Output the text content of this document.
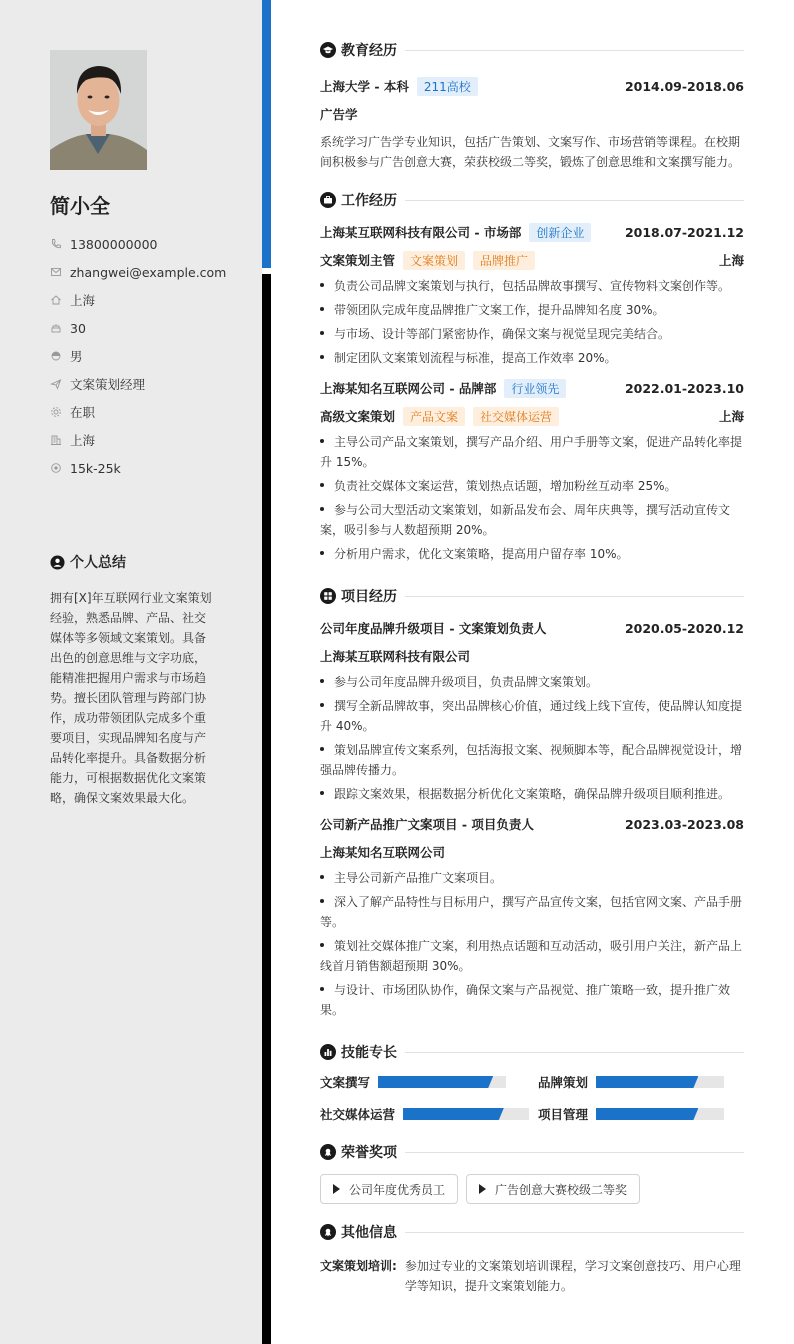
简小全
13800000000
zhangwei@example.com
上海
30
男
文案策划经理
在职
上海
15k-25k
个人总结
拥有[X]年互联网行业文案策划经验，熟悉品牌、产品、社交媒体等多领域文案策划。具备出色的创意思维与文字功底，能精准把握用户需求与市场趋势。擅长团队管理与跨部门协作，成功带领团队完成多个重要项目，实现品牌知名度与产品转化率提升。具备数据分析能力，可根据数据优化文案策略，确保文案效果最大化。
教育经历
上海大学 - 本科	211高校	2014.09-2018.06
广告学
系统学习广告学专业知识，包括广告策划、文案写作、市场营销等课程。在校期间积极参与广告创意大赛，荣获校级二等奖，锻炼了创意思维和文案撰写能力。
工作经历
上海某互联网科技有限公司 - 市场部	创新企业	2018.07-2021.12
文案策划主管	文案策划	品牌推广	上海
负责公司品牌文案策划与执行，包括品牌故事撰写、宣传物料文案创作等。
带领团队完成年度品牌推广文案工作，提升品牌知名度 30%。
与市场、设计等部门紧密协作，确保文案与视觉呈现完美结合。
制定团队文案策划流程与标准，提高工作效率 20%。
上海某知名互联网公司 - 品牌部	行业领先	2022.01-2023.10
高级文案策划	产品文案	社交媒体运营	上海
主导公司产品文案策划，撰写产品介绍、用户手册等文案，促进产品转化率提升 15%。
负责社交媒体文案运营，策划热点话题，增加粉丝互动率 25%。
参与公司大型活动文案策划，如新品发布会、周年庆典等，撰写活动宣传文案，吸引参与人数超预期 20%。
分析用户需求，优化文案策略，提高用户留存率 10%。
项目经历
公司年度品牌升级项目 - 文案策划负责人	2020.05-2020.12
上海某互联网科技有限公司
参与公司年度品牌升级项目，负责品牌文案策划。
撰写全新品牌故事，突出品牌核心价值，通过线上线下宣传，使品牌认知度提升 40%。
策划品牌宣传文案系列，包括海报文案、视频脚本等，配合品牌视觉设计，增强品牌传播力。
跟踪文案效果，根据数据分析优化文案策略，确保品牌升级项目顺利推进。
公司新产品推广文案项目 - 项目负责人	2023.03-2023.08
上海某知名互联网公司
主导公司新产品推广文案项目。
深入了解产品特性与目标用户，撰写产品宣传文案，包括官网文案、产品手册等。
策划社交媒体推广文案，利用热点话题和互动活动，吸引用户关注，新产品上线首月销售额超预期 30%。
与设计、市场团队协作，确保文案与产品视觉、推广策略一致，提升推广效果。
技能专长
文案撰写	品牌策划
社交媒体运营	项目管理
荣誉奖项
公司年度优秀员工	广告创意大赛校级二等奖
其他信息
文案策划培训: 参加过专业的文案策划培训课程，学习文案创意技巧、用户心理学等知识，提升文案策划能力。
